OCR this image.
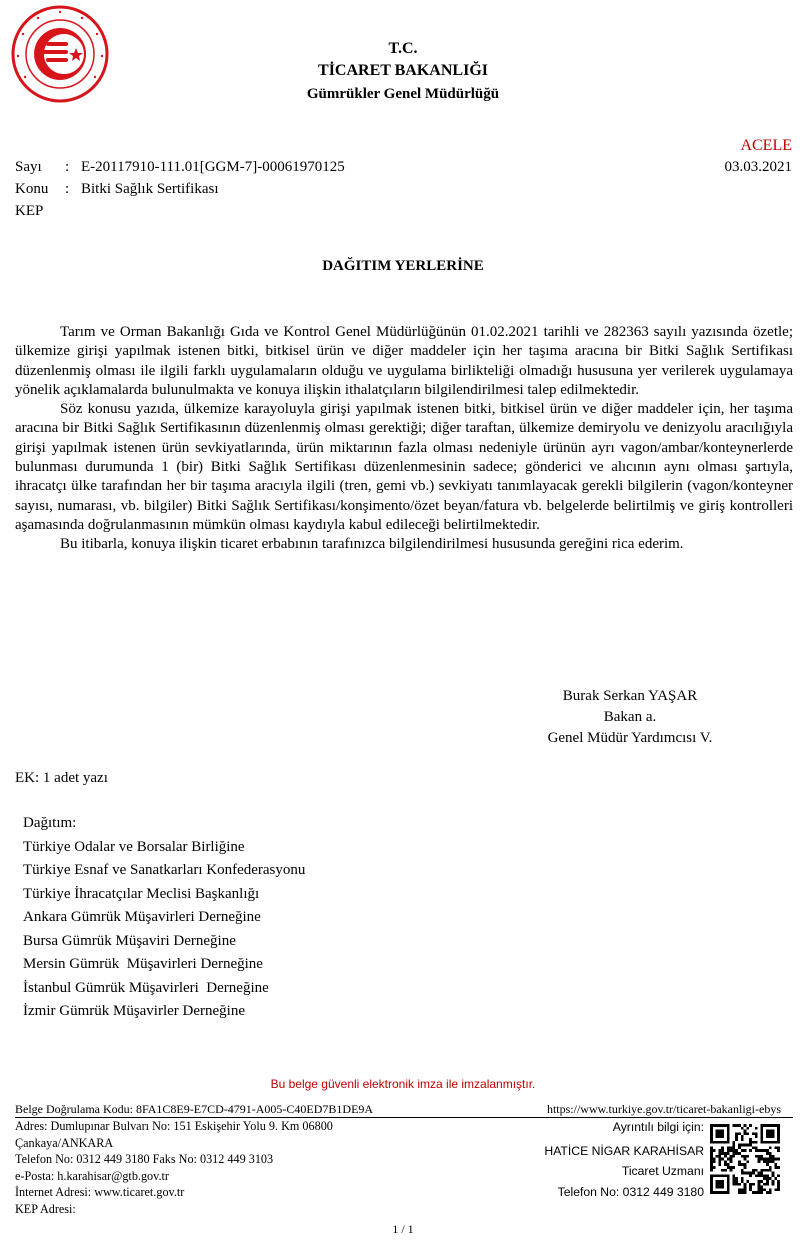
T.C.
TİCARET BAKANLIĞI
Gümrükler Genel Müdürlüğü
ACELE
Sayı : E-20117910-111.01[GGM-7]-00061970125	03.03.2021
Konu : Bitki Sağlık Sertifikası
KEP
DAĞITIM YERLERİNE

Tarım ve Orman Bakanlığı Gıda ve Kontrol Genel Müdürlüğünün 01.02.2021 tarihli ve 282363 sayılı yazısında özetle; ülkemize girişi yapılmak istenen bitki, bitkisel ürün ve diğer maddeler için her taşıma aracına bir Bitki Sağlık Sertifikası düzenlenmiş olması ile ilgili farklı uygulamaların olduğu ve uygulama birlikteliği olmadığı hususuna yer verilerek uygulamaya yönelik açıklamalarda bulunulmakta ve konuya ilişkin ithalatçıların bilgilendirilmesi talep edilmektedir.

Söz konusu yazıda, ülkemize karayoluyla girişi yapılmak istenen bitki, bitkisel ürün ve diğer maddeler için, her taşıma aracına bir Bitki Sağlık Sertifikasının düzenlenmiş olması gerektiği; diğer taraftan, ülkemize demiryolu ve denizyolu aracılığıyla girişi yapılmak istenen ürün sevkiyatlarında, ürün miktarının fazla olması nedeniyle ürünün ayrı vagon/ambar/konteynerlerde bulunması durumunda 1 (bir) Bitki Sağlık Sertifikası düzenlenmesinin sadece; gönderici ve alıcının aynı olması şartıyla, ihracatçı ülke tarafından her bir taşıma aracıyla ilgili (tren, gemi vb.) sevkiyatı tanımlayacak gerekli bilgilerin (vagon/konteyner sayısı, numarası, vb. bilgiler) Bitki Sağlık Sertifikası/konşimento/özet beyan/fatura vb. belgelerde belirtilmiş ve giriş kontrolleri aşamasında doğrulanmasının mümkün olması kaydıyla kabul edileceği belirtilmektedir.

Bu itibarla, konuya ilişkin ticaret erbabının tarafınızca bilgilendirilmesi hususunda gereğini rica ederim.

Burak Serkan YAŞAR
Bakan a.
Genel Müdür Yardımcısı V.
EK: 1 adet yazı
Dağıtım:
Türkiye Odalar ve Borsalar Birliğine
Türkiye Esnaf ve Sanatkarları Konfederasyonu
Türkiye İhracatçılar Meclisi Başkanlığı
Ankara Gümrük Müşavirleri Derneğine
Bursa Gümrük Müşaviri Derneğine
Mersin Gümrük  Müşavirleri Derneğine
İstanbul Gümrük Müşavirleri  Derneğine
İzmir Gümrük Müşavirler Derneğine
Bu belge güvenli elektronik imza ile imzalanmıştır.
Belge Doğrulama Kodu: 8FA1C8E9-E7CD-4791-A005-C40ED7B1DE9A	https://www.turkiye.gov.tr/ticaret-bakanligi-ebys
Adres: Dumlupınar Bulvarı No: 151 Eskişehir Yolu 9. Km 06800
Çankaya/ANKARA
Telefon No: 0312 449 3180 Faks No: 0312 449 3103
e-Posta: h.karahisar@gtb.gov.tr
İnternet Adresi: www.ticaret.gov.tr
KEP Adresi:
Ayrıntılı bilgi için:
HATİCE NİGAR KARAHİSAR
Ticaret Uzmanı
Telefon No: 0312 449 3180
1 / 1
